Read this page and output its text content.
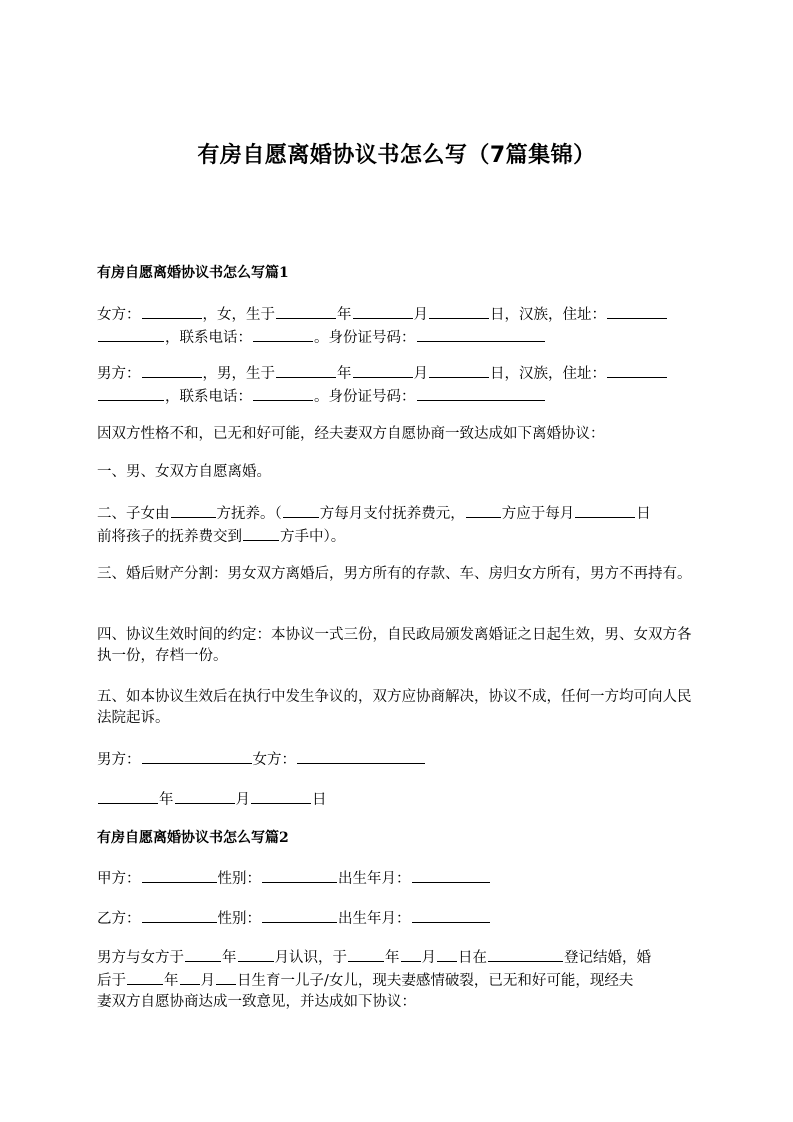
有房自愿离婚协议书怎么写（7篇集锦）
有房自愿离婚协议书怎么写篇1
女方：	，女，生于	年	月	日，汉族，住址：
，联系电话：	。身份证号码：
男方：	，男，生于	年	月	日，汉族，住址：
，联系电话：	。身份证号码：
因双方性格不和，已无和好可能，经夫妻双方自愿协商一致达成如下离婚协议：
一、男、女双方自愿离婚。
二、子女由	方抚养。（	方每月支付抚养费元，	方应于每月	日
前将孩子的抚养费交到	方手中）。
三、婚后财产分割：男女双方离婚后，男方所有的存款、车、房归女方所有，男方不再持有。
四、协议生效时间的约定：本协议一式三份，自民政局颁发离婚证之日起生效，男、女双方各执一份，存档一份。
五、如本协议生效后在执行中发生争议的，双方应协商解决，协议不成，任何一方均可向人民法院起诉。
男方：	女方：
年	月	日
有房自愿离婚协议书怎么写篇2
甲方：	性别：	出生年月：
乙方：	性别：	出生年月：
男方与女方于	年	月认识，于	年 月 日在	登记结婚，婚
后于	年 月 日生育一儿子/女儿，现夫妻感情破裂，已无和好可能，现经夫
妻双方自愿协商达成一致意见，并达成如下协议：
